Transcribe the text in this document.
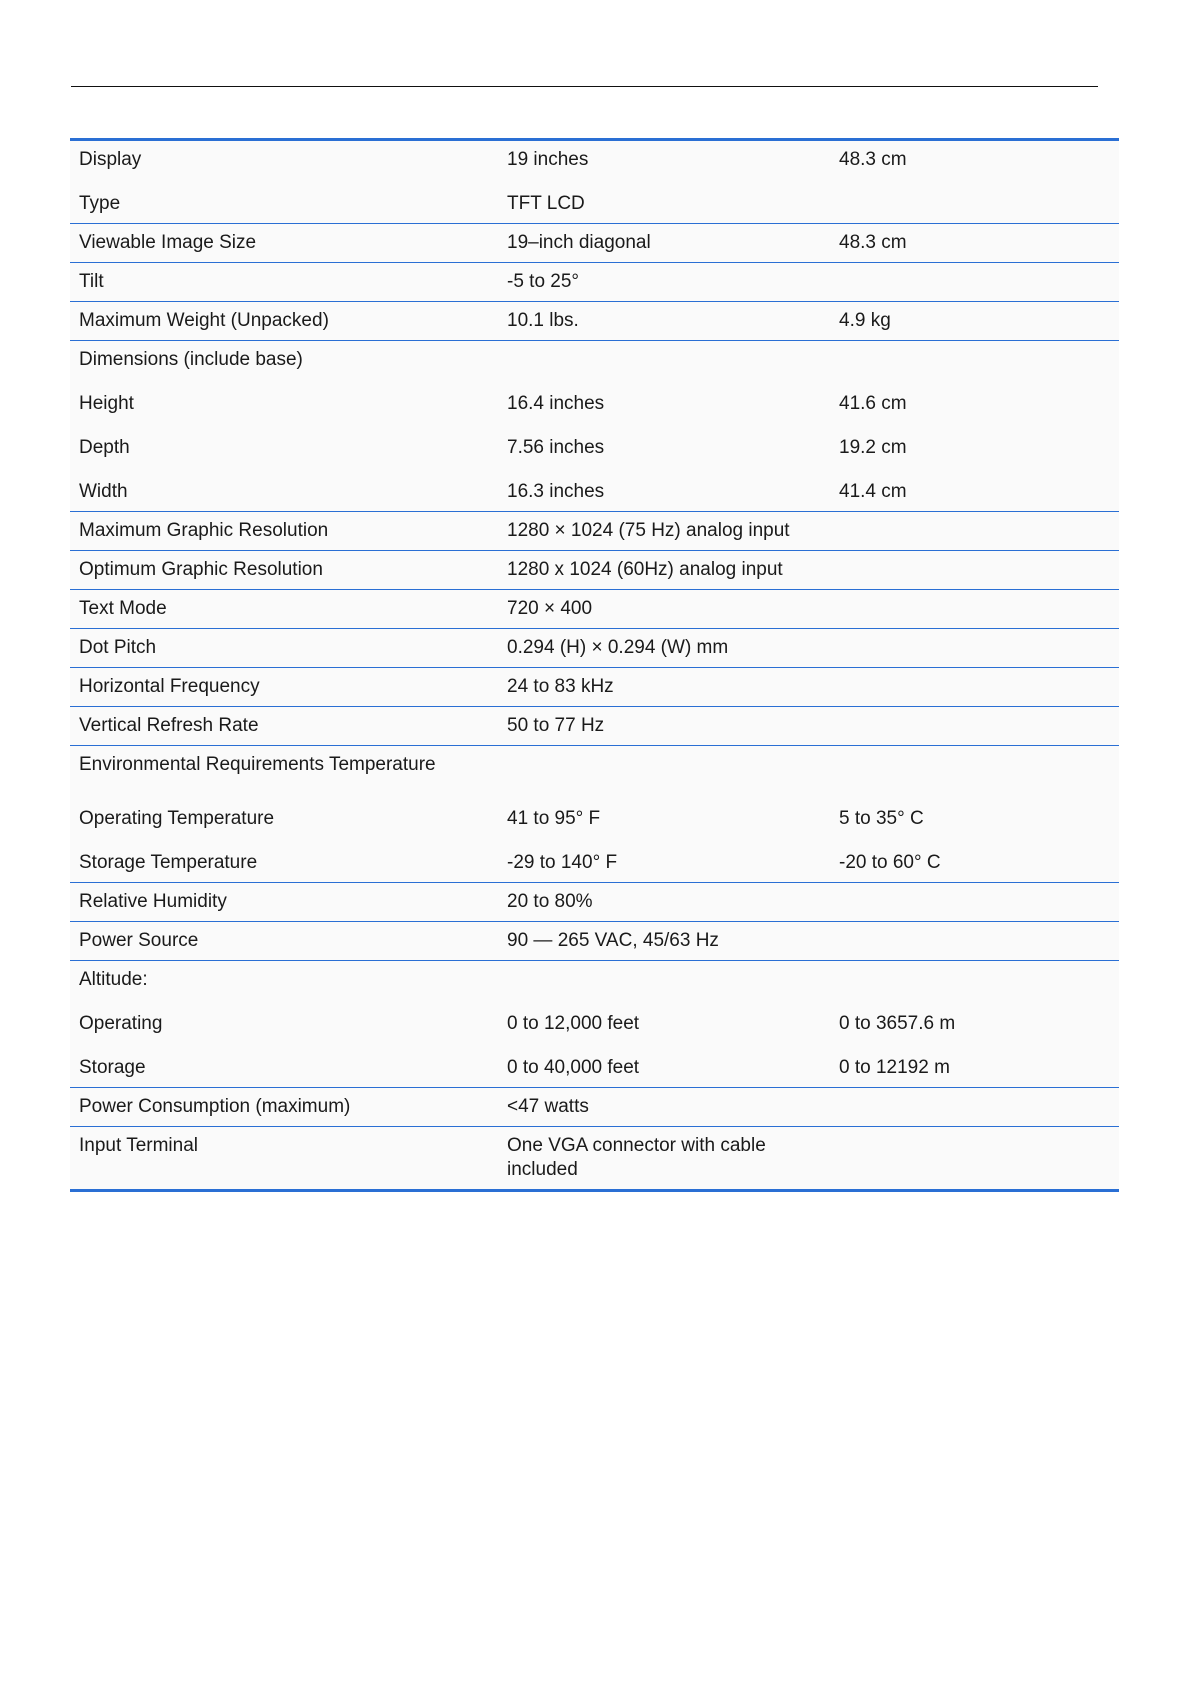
Display	19 inches	48.3 cm
Type	TFT LCD
Viewable Image Size	19–inch diagonal	48.3 cm
Tilt	-5 to 25°
Maximum Weight (Unpacked)	10.1 lbs.	4.9 kg
Dimensions (include base)
Height	16.4 inches	41.6 cm
Depth	7.56 inches	19.2 cm
Width	16.3 inches	41.4 cm
Maximum Graphic Resolution	1280 × 1024 (75 Hz) analog input
Optimum Graphic Resolution	1280 x 1024 (60Hz) analog input
Text Mode	720 × 400
Dot Pitch	0.294 (H) × 0.294 (W) mm
Horizontal Frequency	24 to 83 kHz
Vertical Refresh Rate	50 to 77 Hz
Environmental Requirements Temperature
Operating Temperature	41 to 95° F	5 to 35° C
Storage Temperature	-29 to 140° F	-20 to 60° C
Relative Humidity	20 to 80%
Power Source	90 — 265 VAC, 45/63 Hz
Altitude:
Operating	0 to 12,000 feet	0 to 3657.6 m
Storage	0 to 40,000 feet	0 to 12192 m
Power Consumption (maximum)	<47 watts
Input Terminal	One VGA connector with cable included
